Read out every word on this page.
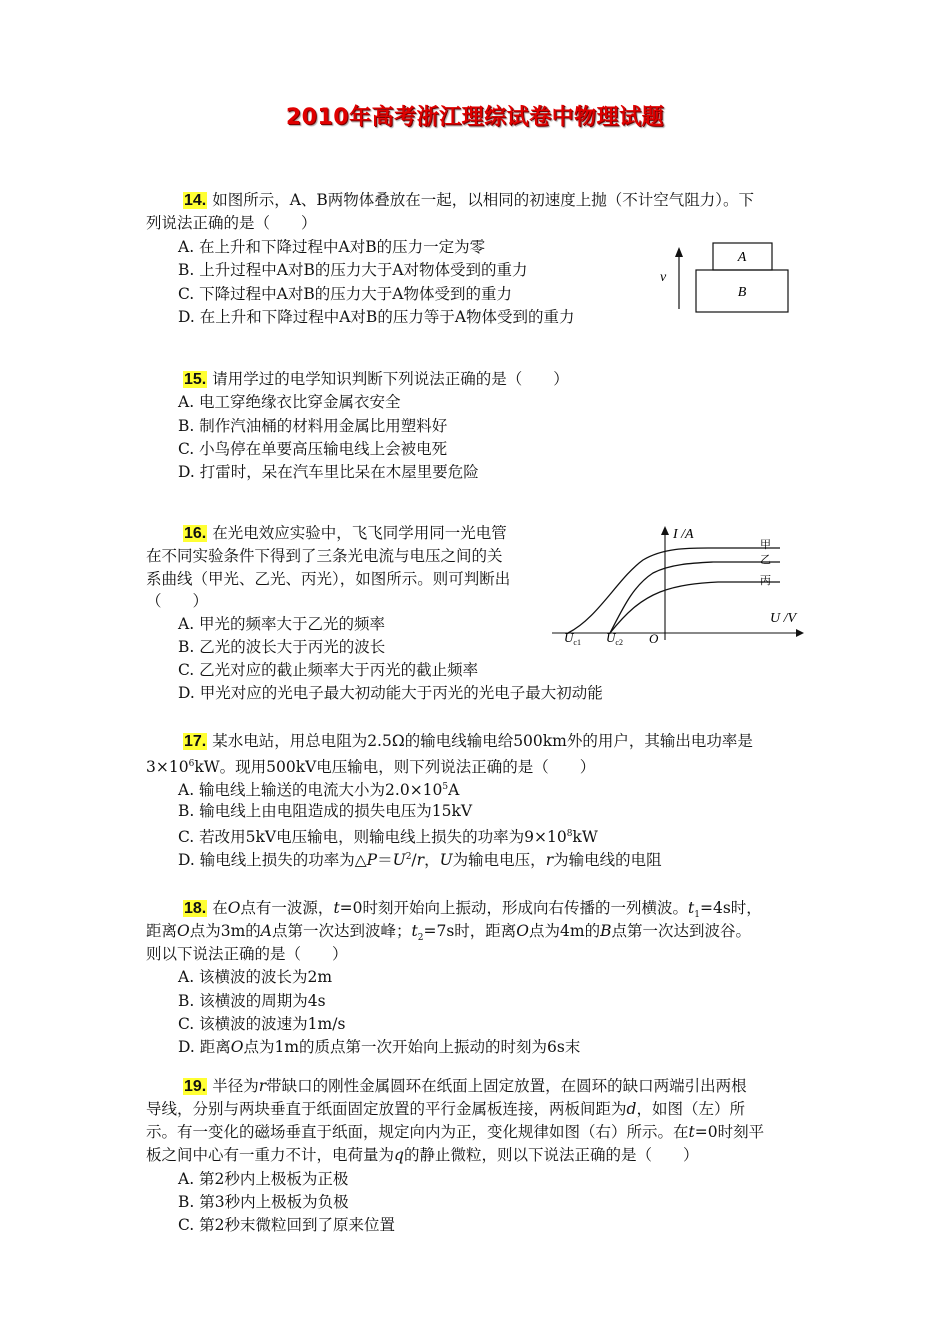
2010年高考浙江理综试卷中物理试题
14. 如图所示，A、B两物体叠放在一起，以相同的初速度上抛（不计空气阻力）。下
列说法正确的是（　　）
A. 在上升和下降过程中A对B的压力一定为零
B. 上升过程中A对B的压力大于A对物体受到的重力
C. 下降过程中A对B的压力大于A物体受到的重力
D. 在上升和下降过程中A对B的压力等于A物体受到的重力
A
B
v
15. 请用学过的电学知识判断下列说法正确的是（　　）
A. 电工穿绝缘衣比穿金属衣安全
B. 制作汽油桶的材料用金属比用塑料好
C. 小鸟停在单要高压输电线上会被电死
D. 打雷时，呆在汽车里比呆在木屋里要危险
16. 在光电效应实验中，飞飞同学用同一光电管
在不同实验条件下得到了三条光电流与电压之间的关
系曲线（甲光、乙光、丙光），如图所示。则可判断出
（　　）
A. 甲光的频率大于乙光的频率
B. 乙光的波长大于丙光的波长
C. 乙光对应的截止频率大于丙光的截止频率
D. 甲光对应的光电子最大初动能大于丙光的光电子最大初动能
I /A
U /V
O
$U_{c1}$ $U_{c2}$
甲
乙
丙
17. 某水电站，用总电阻为2.5Ω的输电线输电给500km外的用户，其输出电功率是
$3\times 10^6kW$。现用500kV电压输电，则下列说法正确的是（　　）
A. 输电线上输送的电流大小为$2.0\times 10^5A$
B. 输电线上由电阻造成的损失电压为15kV
C. 若改用5kV电压输电，则输电线上损失的功率为$9\times 10^8kW$
D. 输电线上损失的功率为$\triangle P=U^2/r$，U为输电电压，r为输电线的电阻
18. 在O点有一波源，t=0时刻开始向上振动，形成向右传播的一列横波。$t_1=4s$时，
距离O点为3m的A点第一次达到波峰；$t_2=7s$时，距离O点为4m的B点第一次达到波谷。
则以下说法正确的是（　　）
A. 该横波的波长为2m
B. 该横波的周期为4s
C. 该横波的波速为1m/s
D. 距离O点为1m的质点第一次开始向上振动的时刻为6s末
19. 半径为r带缺口的刚性金属圆环在纸面上固定放置，在圆环的缺口两端引出两根
导线，分别与两块垂直于纸面固定放置的平行金属板连接，两板间距为d，如图（左）所
示。有一变化的磁场垂直于纸面，规定向内为正，变化规律如图（右）所示。在t=0时刻平
板之间中心有一重力不计，电荷量为q的静止微粒，则以下说法正确的是（　　）
A. 第2秒内上极板为正极
B. 第3秒内上极板为负极
C. 第2秒末微粒回到了原来位置
